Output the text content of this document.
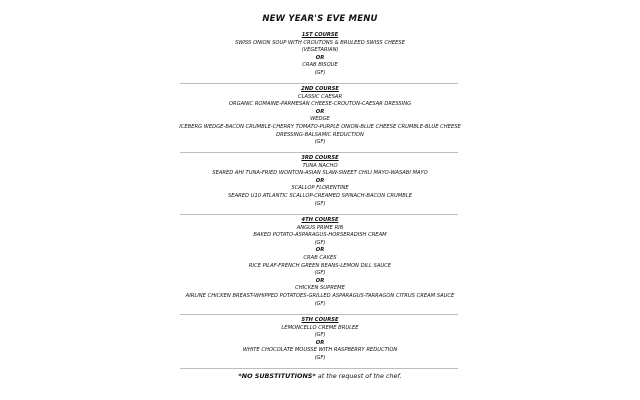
NEW YEAR'S EVE MENU
1ST COURSE
SWISS ONION SOUP WITH CROUTONS & BRULEED SWISS CHEESE
(VEGETARIAN)
OR
CRAB BISQUE
(GF)
2ND COURSE
CLASSIC CAESAR
ORGANIC ROMAINE-PARMESAN CHEESE-CROUTON-CAESAR DRESSING
OR
WEDGE
ICEBERG WEDGE-BACON CRUMBLE-CHERRY TOMATO-PURPLE ONION-BLUE CHEESE CRUMBLE-BLUE CHEESE
DRESSING-BALSAMIC REDUCTION
(GF)
3RD COURSE
TUNA NACHO
SEARED AHI TUNA-FRIED WONTON-ASIAN SLAW-SWEET CHILI MAYO-WASABI MAYO
OR
SCALLOP FLORENTINE
SEARED U10 ATLANTIC SCALLOP-CREAMED SPINACH-BACON CRUMBLE
(GF)
4TH COURSE
ANGUS PRIME RIB
BAKED POTATO-ASPARAGUS-HORSERADISH CREAM
(GF)
OR
CRAB CAKES
RICE PILAF-FRENCH GREEN BEANS-LEMON DILL SAUCE
(GF)
OR
CHICKEN SUPREME
AIRLINE CHICKEN BREAST-WHIPPED POTATOES-GRILLED ASPARAGUS-TARRAGON CITRUS CREAM SAUCE
(GF)
5TH COURSE
LEMONCELLO CREME BRULEE
(GF)
OR
WHITE CHOCOLATE MOUSSE WITH RASPBERRY REDUCTION
(GF)
*NO SUBSTITUTIONS* at the request of the chef.
